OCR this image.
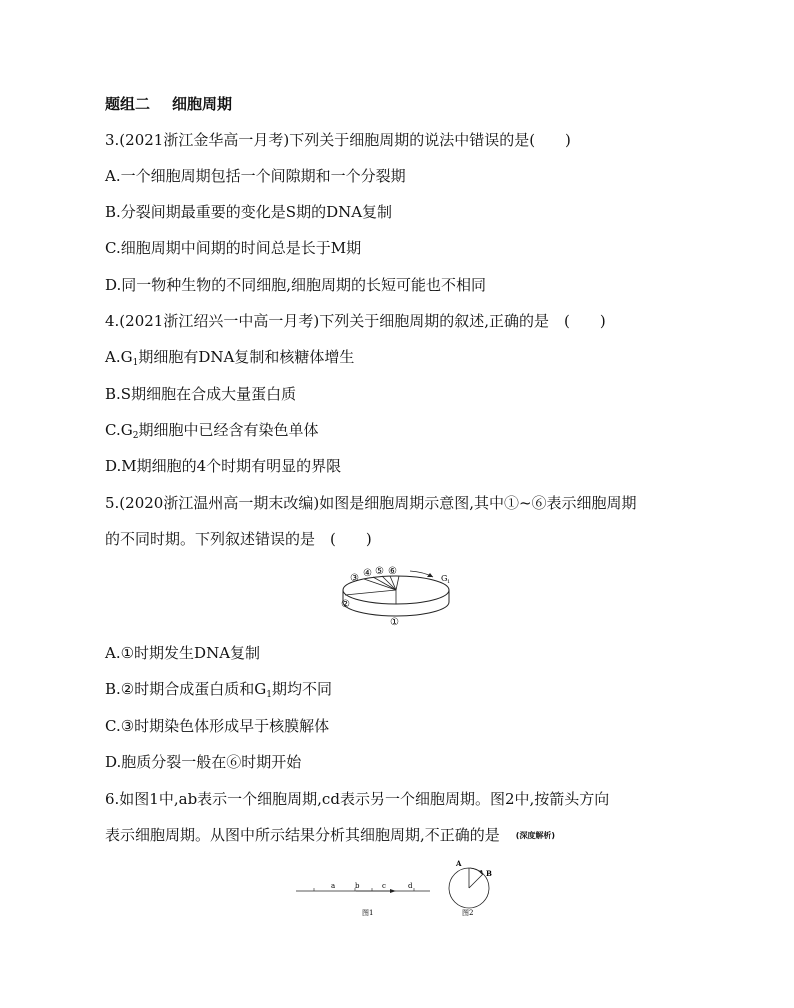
题组二 细胞周期
3.(2021浙江金华高一月考)下列关于细胞周期的说法中错误的是(　　)
A.一个细胞周期包括一个间隙期和一个分裂期
B.分裂间期最重要的变化是S期的DNA复制
C.细胞周期中间期的时间总是长于M期
D.同一物种生物的不同细胞,细胞周期的长短可能也不相同
4.(2021浙江绍兴一中高一月考)下列关于细胞周期的叙述,正确的是　(　　)
$A.G_1$期细胞有DNA复制和核糖体增生
B.S期细胞在合成大量蛋白质
$C.G_2$期细胞中已经含有染色单体
D.M期细胞的4个时期有明显的界限
5.(2020浙江温州高一期末改编)如图是细胞周期示意图,其中①~⑥表示细胞周期
的不同时期。下列叙述错误的是　(　　)
③ ④ ⑤ ⑥
②
①
G 1
A.①时期发生DNA复制
B.②时期合成蛋白质和$G_1$期均不同
C.③时期染色体形成早于核膜解体
D.胞质分裂一般在⑥时期开始
6.如图1中,ab表示一个细胞周期,cd表示另一个细胞周期。图2中,按箭头方向
表示细胞周期。从图中所示结果分析其细胞周期,不正确的是 (深度解析)
a	b	c	d
图1
A
B
图2
